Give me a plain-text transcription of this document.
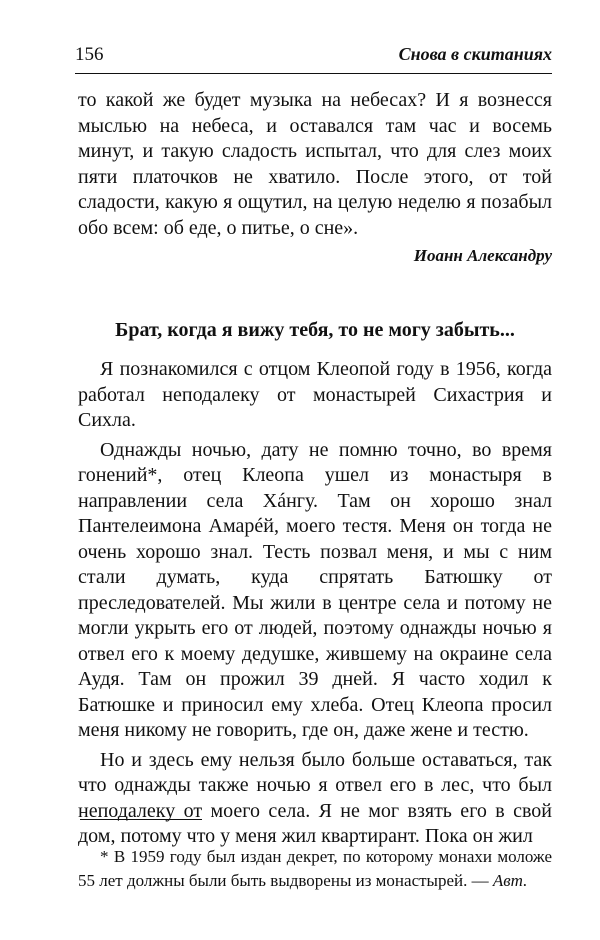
156	Снова в скитаниях

то какой же будет музыка на небесах? И я вознесся мыслью на небеса, и оставался там час и восемь минут, и такую сладость испытал, что для слез моих пяти платочков не хватило. После этого, от той сладости, какую я ощутил, на целую неделю я позабыл обо всем: об еде, о питье, о сне».

Иоанн Александру

Брат, когда я вижу тебя, то не могу забыть...

Я познакомился с отцом Клеопой году в 1956, когда работал неподалеку от монастырей Сихастрия и Сихла.

Однажды ночью, дату не помню точно, во время гонений*, отец Клеопа ушел из монастыря в направлении села Хáнгу. Там он хорошо знал Пантелеимона Амарéй, моего тестя. Меня он тогда не очень хорошо знал. Тесть позвал меня, и мы с ним стали думать, куда спрятать Батюшку от преследователей. Мы жили в центре села и потому не могли укрыть его от людей, поэтому однажды ночью я отвел его к моему дедушке, жившему на окраине села Аудя. Там он прожил 39 дней. Я часто ходил к Батюшке и приносил ему хлеба. Отец Клеопа просил меня никому не говорить, где он, даже жене и тестю.

Но и здесь ему нельзя было больше оставаться, так что однажды также ночью я отвел его в лес, что был неподалеку от моего села. Я не мог взять его в свой дом, потому что у меня жил квартирант. Пока он жил

* В 1959 году был издан декрет, по которому монахи моложе 55 лет должны были быть выдворены из монастырей. — Авт.
